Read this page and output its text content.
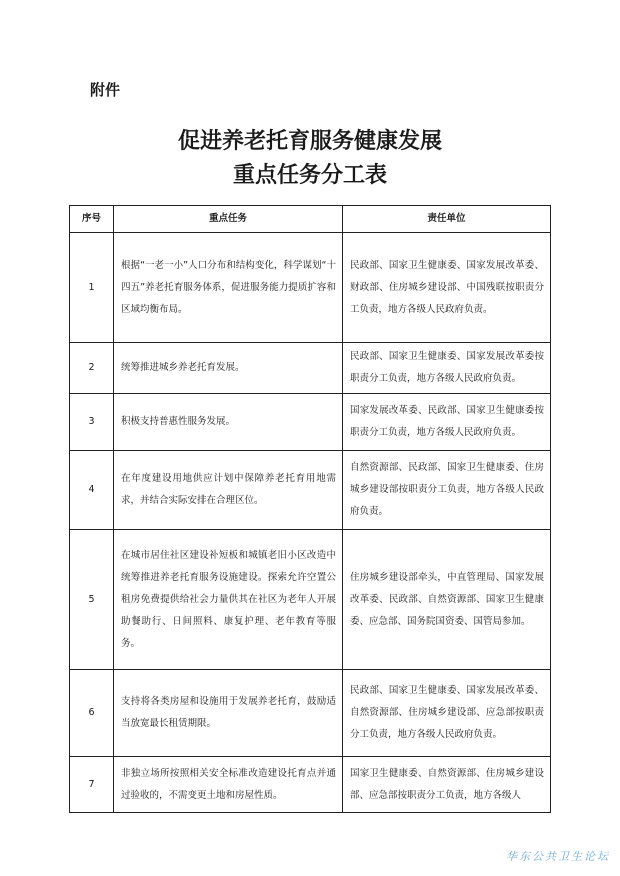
附件
促进养老托育服务健康发展
重点任务分工表
序号	重点任务	责任单位
1	根据“一老一小”人口分布和结构变化，科学谋划“十四五”养老托育服务体系，促进服务能力提质扩容和区域均衡布局。	民政部、国家卫生健康委、国家发展改革委、财政部、住房城乡建设部、中国残联按职责分工负责，地方各级人民政府负责。
2	统筹推进城乡养老托育发展。	民政部、国家卫生健康委、国家发展改革委按职责分工负责，地方各级人民政府负责。
3	积极支持普惠性服务发展。	国家发展改革委、民政部、国家卫生健康委按职责分工负责，地方各级人民政府负责。
4	在年度建设用地供应计划中保障养老托育用地需求，并结合实际安排在合理区位。	自然资源部、民政部、国家卫生健康委、住房城乡建设部按职责分工负责，地方各级人民政府负责。
5	在城市居住社区建设补短板和城镇老旧小区改造中统筹推进养老托育服务设施建设。探索允许空置公租房免费提供给社会力量供其在社区为老年人开展助餐助行、日间照料、康复护理、老年教育等服务。	住房城乡建设部牵头，中直管理局、国家发展改革委、民政部、自然资源部、国家卫生健康委、应急部、国务院国资委、国管局参加。
6	支持将各类房屋和设施用于发展养老托育，鼓励适当放宽最长租赁期限。	民政部、国家卫生健康委、国家发展改革委、自然资源部、住房城乡建设部、应急部按职责分工负责，地方各级人民政府负责。
7	非独立场所按照相关安全标准改造建设托育点并通过验收的，不需变更土地和房屋性质。	国家卫生健康委、自然资源部、住房城乡建设部、应急部按职责分工负责，地方各级人
华东公共卫生论坛
